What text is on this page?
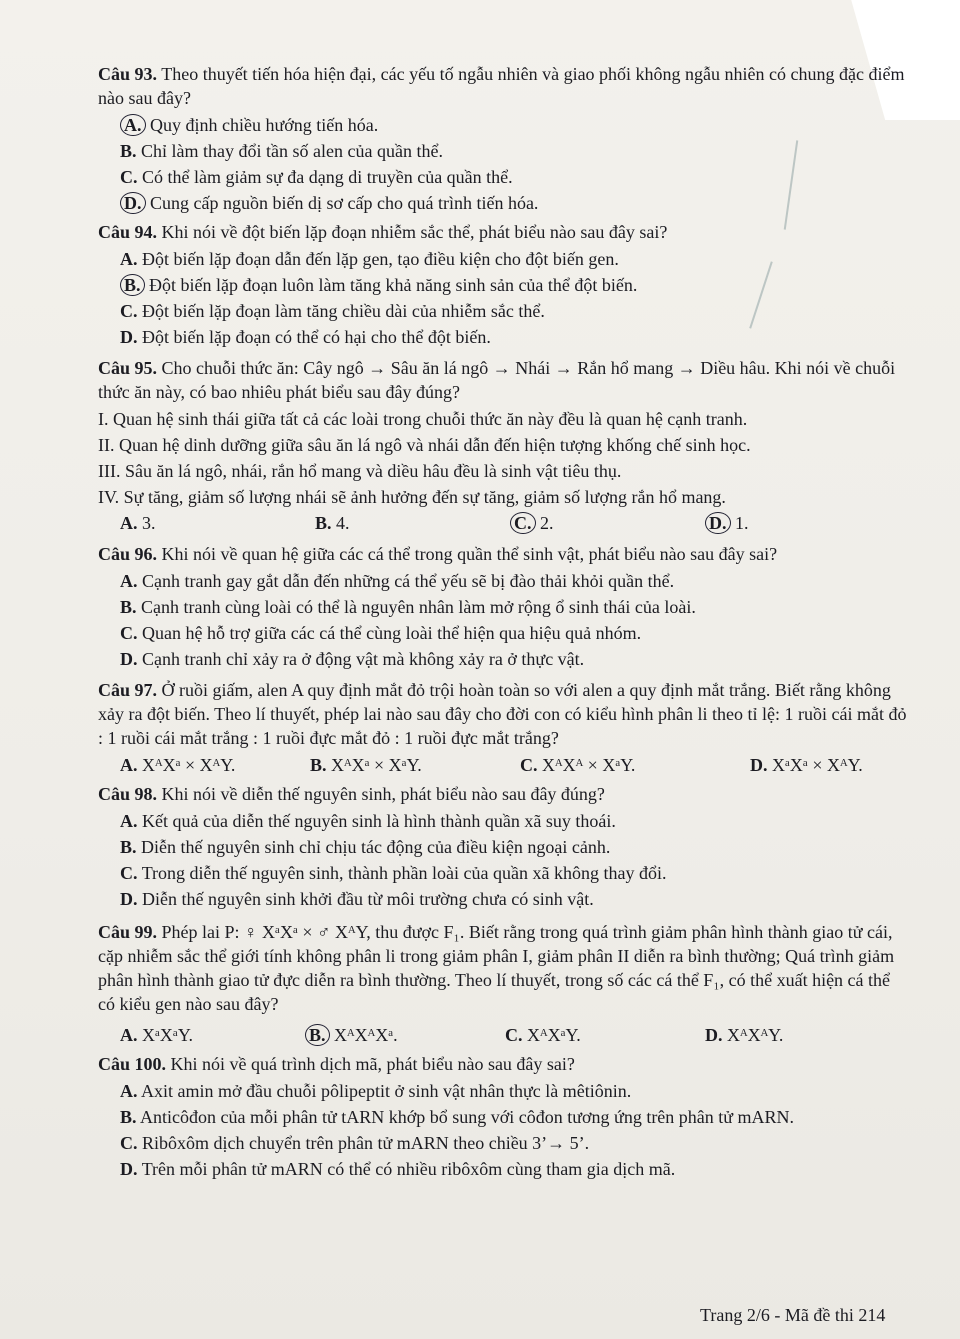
Câu 93. Theo thuyết tiến hóa hiện đại, các yếu tố ngẫu nhiên và giao phối không ngẫu nhiên có chung đặc điểm nào sau đây?
A. Quy định chiều hướng tiến hóa.
B. Chỉ làm thay đổi tần số alen của quần thể.
C. Có thể làm giảm sự đa dạng di truyền của quần thể.
D. Cung cấp nguồn biến dị sơ cấp cho quá trình tiến hóa.
Câu 94. Khi nói về đột biến lặp đoạn nhiễm sắc thể, phát biểu nào sau đây sai?
A. Đột biến lặp đoạn dẫn đến lặp gen, tạo điều kiện cho đột biến gen.
B. Đột biến lặp đoạn luôn làm tăng khả năng sinh sản của thể đột biến.
C. Đột biến lặp đoạn làm tăng chiều dài của nhiễm sắc thể.
D. Đột biến lặp đoạn có thể có hại cho thể đột biến.
Câu 95. Cho chuỗi thức ăn: Cây ngô → Sâu ăn lá ngô → Nhái → Rắn hổ mang → Diều hâu. Khi nói về chuỗi thức ăn này, có bao nhiêu phát biểu sau đây đúng?
I. Quan hệ sinh thái giữa tất cả các loài trong chuỗi thức ăn này đều là quan hệ cạnh tranh.
II. Quan hệ dinh dưỡng giữa sâu ăn lá ngô và nhái dẫn đến hiện tượng khống chế sinh học.
III. Sâu ăn lá ngô, nhái, rắn hổ mang và diều hâu đều là sinh vật tiêu thụ.
IV. Sự tăng, giảm số lượng nhái sẽ ảnh hưởng đến sự tăng, giảm số lượng rắn hổ mang.
A. 3.	B. 4.	C. 2.	D. 1.
Câu 96. Khi nói về quan hệ giữa các cá thể trong quần thể sinh vật, phát biểu nào sau đây sai?
A. Cạnh tranh gay gắt dẫn đến những cá thể yếu sẽ bị đào thải khỏi quần thể.
B. Cạnh tranh cùng loài có thể là nguyên nhân làm mở rộng ổ sinh thái của loài.
C. Quan hệ hỗ trợ giữa các cá thể cùng loài thể hiện qua hiệu quả nhóm.
D. Cạnh tranh chỉ xảy ra ở động vật mà không xảy ra ở thực vật.
Câu 97. Ở ruồi giấm, alen A quy định mắt đỏ trội hoàn toàn so với alen a quy định mắt trắng. Biết rằng không xảy ra đột biến. Theo lí thuyết, phép lai nào sau đây cho đời con có kiểu hình phân li theo tỉ lệ: 1 ruồi cái mắt đỏ : 1 ruồi cái mắt trắng : 1 ruồi đực mắt đỏ : 1 ruồi đực mắt trắng?
A. XᴬXᵃ × XᴬY.	B. XᴬXᵃ × XᵃY.	C. XᴬXᴬ × XᵃY.	D. XᵃXᵃ × XᴬY.
Câu 98. Khi nói về diễn thế nguyên sinh, phát biểu nào sau đây đúng?
A. Kết quả của diễn thế nguyên sinh là hình thành quần xã suy thoái.
B. Diễn thế nguyên sinh chỉ chịu tác động của điều kiện ngoại cảnh.
C. Trong diễn thế nguyên sinh, thành phần loài của quần xã không thay đổi.
D. Diễn thế nguyên sinh khởi đầu từ môi trường chưa có sinh vật.
Câu 99. Phép lai P: ♀ XᵃXᵃ × ♂ XᴬY, thu được F₁. Biết rằng trong quá trình giảm phân hình thành giao tử cái, cặp nhiễm sắc thể giới tính không phân li trong giảm phân I, giảm phân II diễn ra bình thường; Quá trình giảm phân hình thành giao tử đực diễn ra bình thường. Theo lí thuyết, trong số các cá thể F₁, có thể xuất hiện cá thể có kiểu gen nào sau đây?
A. XᵃXᵃY.	B. XᴬXᴬXᵃ.	C. XᴬXᵃY.	D. XᴬXᴬY.
Câu 100. Khi nói về quá trình dịch mã, phát biểu nào sau đây sai?
A. Axit amin mở đầu chuỗi pôlipeptit ở sinh vật nhân thực là mêtiônin.
B. Anticôđon của mỗi phân tử tARN khớp bổ sung với côđon tương ứng trên phân tử mARN.
C. Ribôxôm dịch chuyển trên phân tử mARN theo chiều 3’→ 5’.
D. Trên mỗi phân tử mARN có thể có nhiều ribôxôm cùng tham gia dịch mã.
Trang 2/6 - Mã đề thi 214
